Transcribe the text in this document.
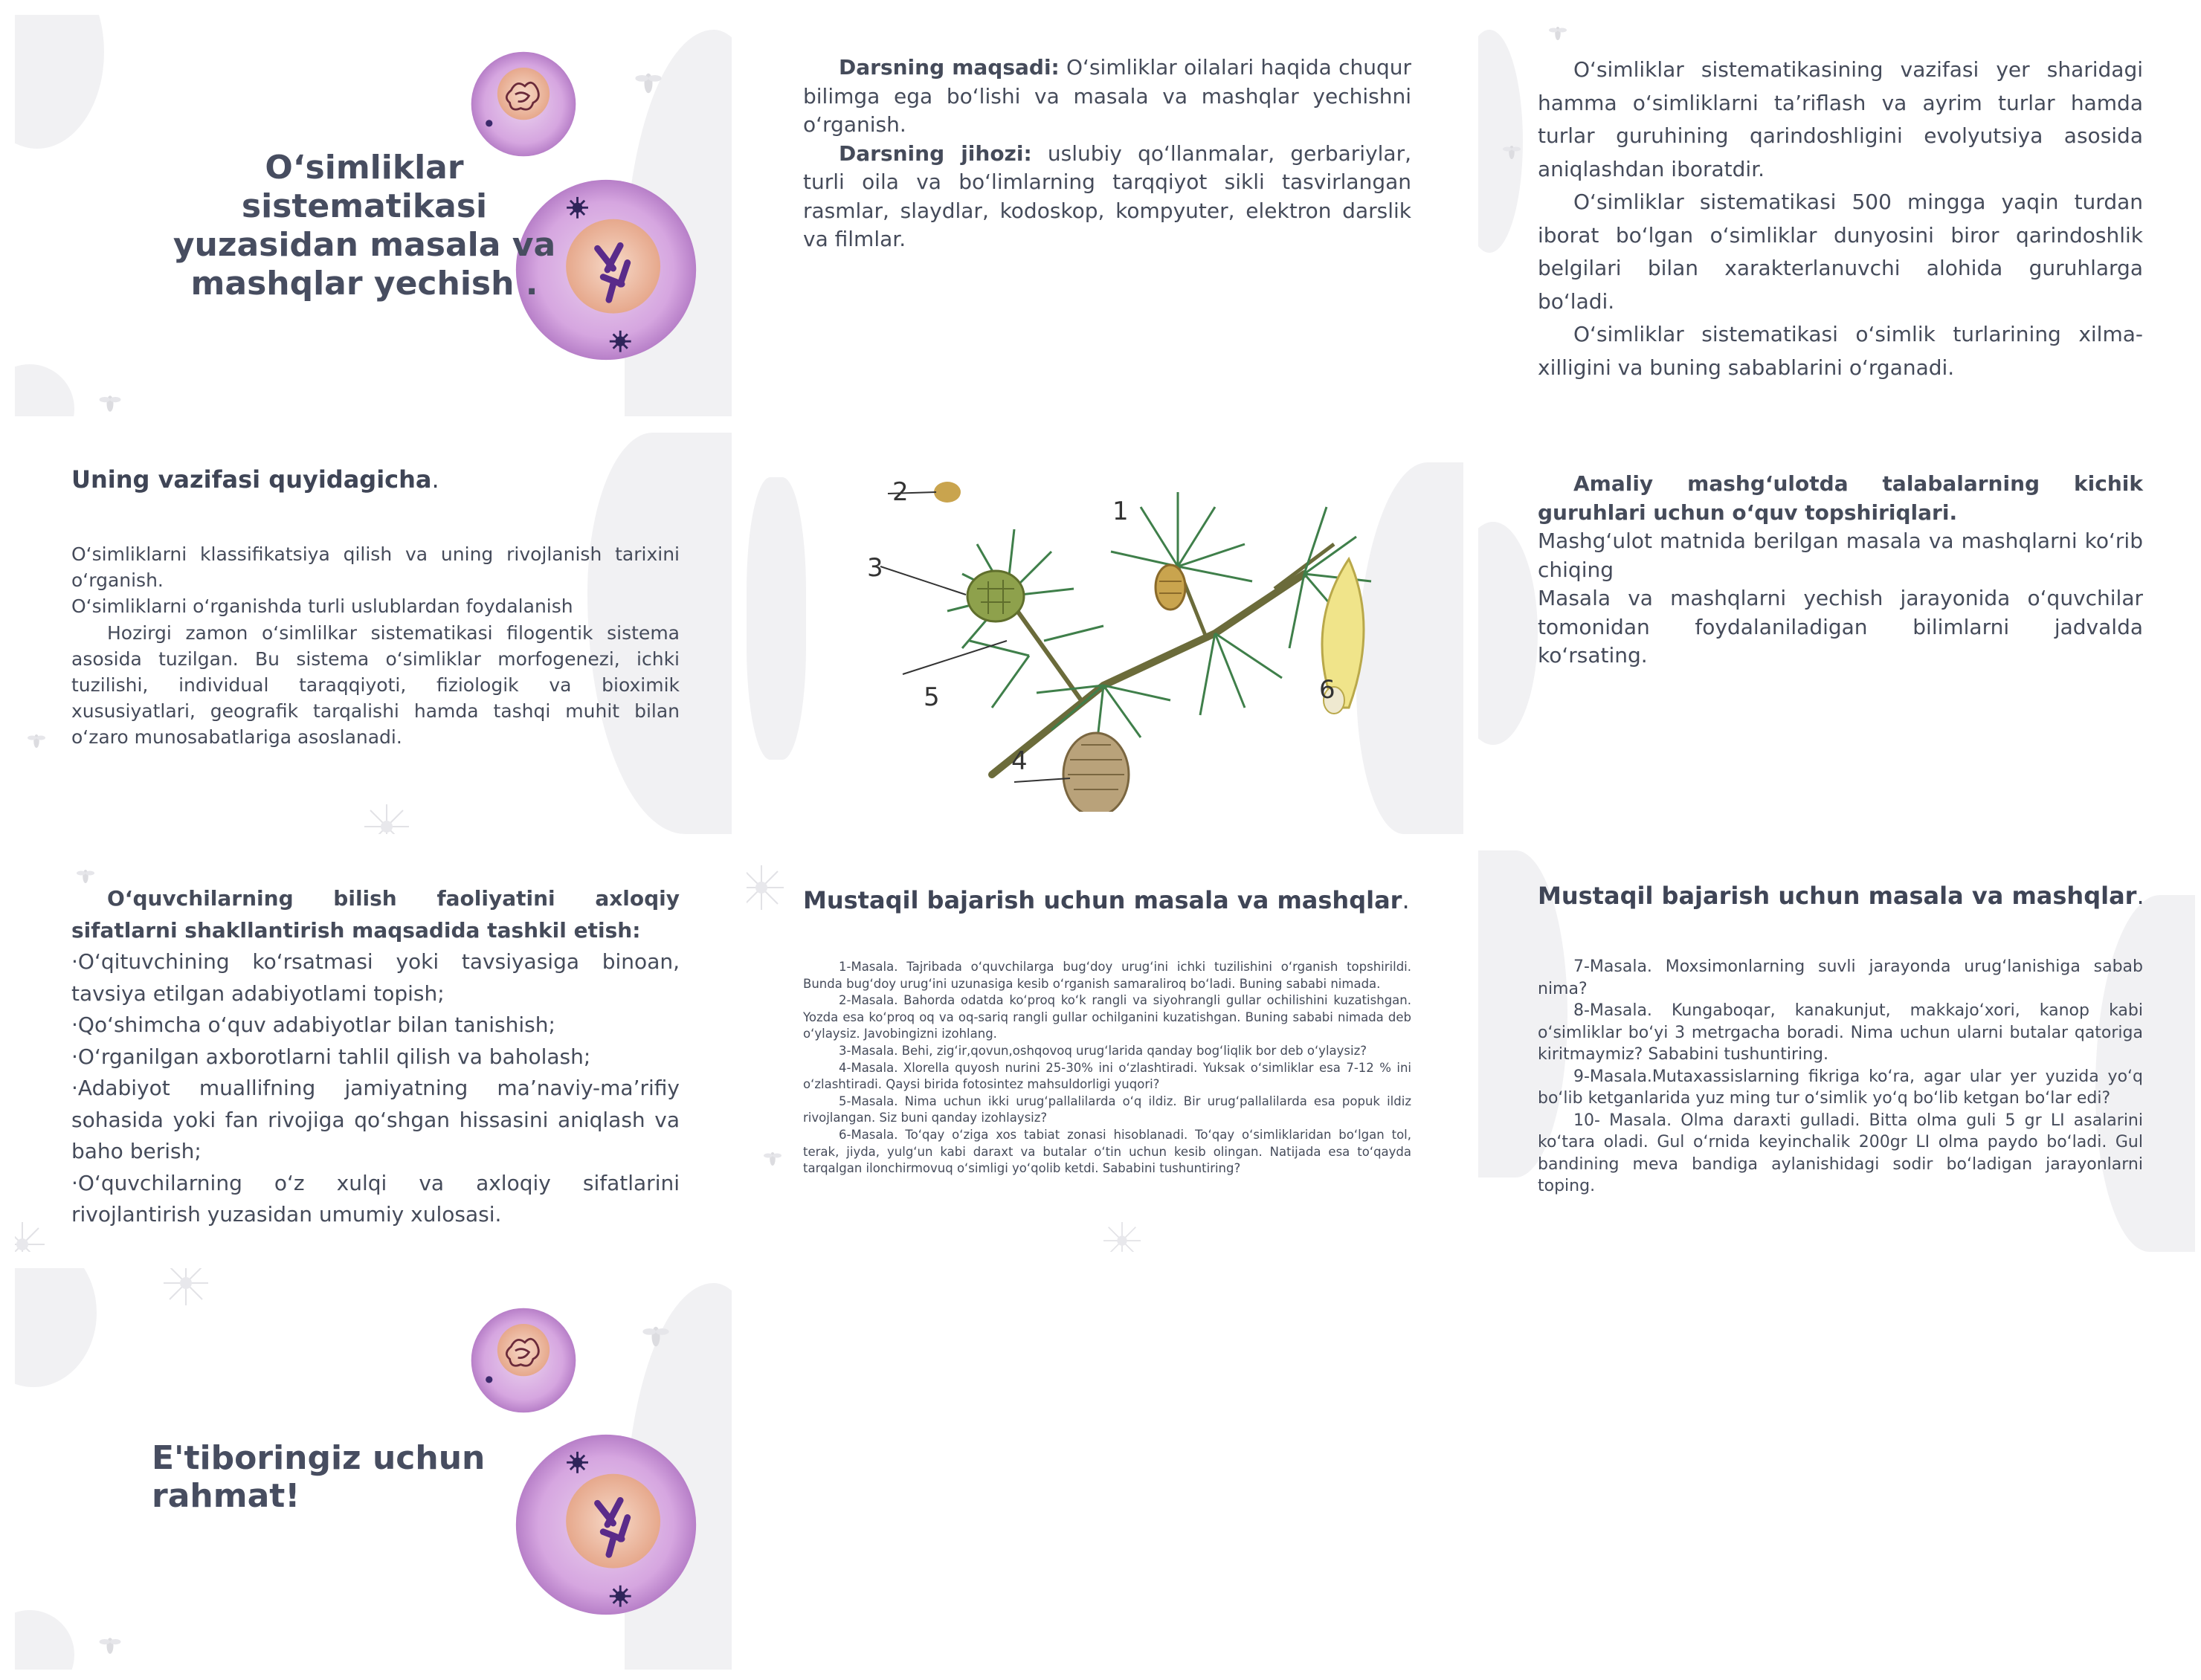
O‘simliklar sistematikasi yuzasidan masala va mashqlar yechish .

Darsning maqsadi: O‘simliklar oilalari haqida chuqur bilimga ega bo‘lishi va masala va mashqlar yechishni o‘rganish.

Darsning jihozi: uslubiy qo‘llanmalar, gerbariylar, turli oila va bo‘limlarning tarqqiyot sikli tasvirlangan rasmlar, slaydlar, kodoskop, kompyuter, elektron darslik va filmlar.

O‘simliklar sistematikasining vazifasi yer sharidagi hamma o‘simliklarni ta’riflash va ayrim turlar hamda turlar guruhining qarindoshligini evolyutsiya asosida aniqlashdan iboratdir.

O‘simliklar sistematikasi 500 mingga yaqin turdan iborat bo‘lgan o‘simliklar dunyosini biror qarindoshlik belgilari bilan xarakterlanuvchi alohida guruhlarga bo‘ladi.

O‘simliklar sistematikasi o‘simlik turlarining xilma-xilligini va buning sabablarini o‘rganadi.

Uning vazifasi quyidagicha.

O‘simliklarni klassifikatsiya qilish va uning rivojlanish tarixini o‘rganish.

O‘simliklarni o‘rganishda turli uslublardan foydalanish

Hozirgi zamon o‘simlilkar sistematikasi filogentik sistema asosida tuzilgan. Bu sistema o‘simliklar morfogenezi, ichki tuzilishi, individual taraqqiyoti, fiziologik va bioximik xususiyatlari, geografik tarqalishi hamda tashqi muhit bilan o‘zaro munosabatlariga asoslanadi.

1
2
3
4
5	6

Amaliy mashg‘ulotda talabalarning kichik guruhlari uchun o‘quv topshiriqlari.

Mashg‘ulot matnida berilgan masala va mashqlarni ko‘rib chiqing

Masala va mashqlarni yechish jarayonida o‘quvchilar tomonidan foydalaniladigan bilimlarni jadvalda ko‘rsating.

O‘quvchilarning bilish faoliyatini axloqiy sifatlarni shakllantirish maqsadida tashkil etish:

·O‘qituvchining ko‘rsatmasi yoki tavsiyasiga binoan, tavsiya etilgan adabiyotlami topish;

·Qo‘shimcha o‘quv adabiyotlar bilan tanishish;

·O‘rganilgan axborotlarni tahlil qilish va baholash;

·Adabiyot muallifning jamiyatning ma’naviy-ma’rifiy sohasida yoki fan rivojiga qo‘shgan hissasini aniqlash va baho berish;

·O‘quvchilarning o‘z xulqi va axloqiy sifatlarini rivojlantirish yuzasidan umumiy xulosasi.

Mustaqil bajarish uchun masala va mashqlar.

1-Masala. Tajribada o‘quvchilarga bug‘doy urug‘ini ichki tuzilishini o‘rganish topshirildi. Bunda bug‘doy urug‘ini uzunasiga kesib o‘rganish samaraliroq bo‘ladi. Buning sababi nimada.

2-Masala. Bahorda odatda ko‘proq ko‘k rangli va siyohrangli gullar ochilishini kuzatishgan. Yozda esa ko‘proq oq va oq-sariq rangli gullar ochilganini kuzatishgan. Buning sababi nimada deb o‘ylaysiz. Javobingizni izohlang.

3-Masala. Behi, zig‘ir,qovun,oshqovoq urug‘larida qanday bog‘liqlik bor deb o‘ylaysiz?

4-Masala. Xlorella quyosh nurini 25-30% ini o‘zlashtiradi. Yuksak o‘simliklar esa 7-12 % ini o‘zlashtiradi. Qaysi birida fotosintez mahsuldorligi yuqori?

5-Masala. Nima uchun ikki urug‘pallalilarda o‘q ildiz. Bir urug‘pallalilarda esa popuk ildiz rivojlangan. Siz buni qanday izohlaysiz?

6-Masala. To‘qay o‘ziga xos tabiat zonasi hisoblanadi. To‘qay o‘simliklaridan bo‘lgan tol, terak, jiyda, yulg‘un kabi daraxt va butalar o‘tin uchun kesib olingan. Natijada esa to‘qayda tarqalgan ilonchirmovuq o‘simligi yo‘qolib ketdi. Sababini tushuntiring?

Mustaqil bajarish uchun masala va mashqlar.

7-Masala. Moxsimonlarning suvli jarayonda urug‘lanishiga sabab nima?

8-Masala. Kungaboqar, kanakunjut, makkajo‘xori, kanop kabi o‘simliklar bo‘yi 3 metrgacha boradi. Nima uchun ularni butalar qatoriga kiritmaymiz? Sababini tushuntiring.

9-Masala.Mutaxassislarning fikriga ko‘ra, agar ular yer yuzida yo‘q bo‘lib ketganlarida yuz ming tur o‘simlik yo‘q bo‘lib ketgan bo‘lar edi?

10- Masala. Olma daraxti gulladi. Bitta olma guli 5 gr LI asalarini ko‘tara oladi. Gul o‘rnida keyinchalik 200gr LI olma paydo bo‘ladi. Gul bandining meva bandiga aylanishidagi sodir bo‘ladigan jarayonlarni toping.

E'tiboringiz uchun rahmat!
